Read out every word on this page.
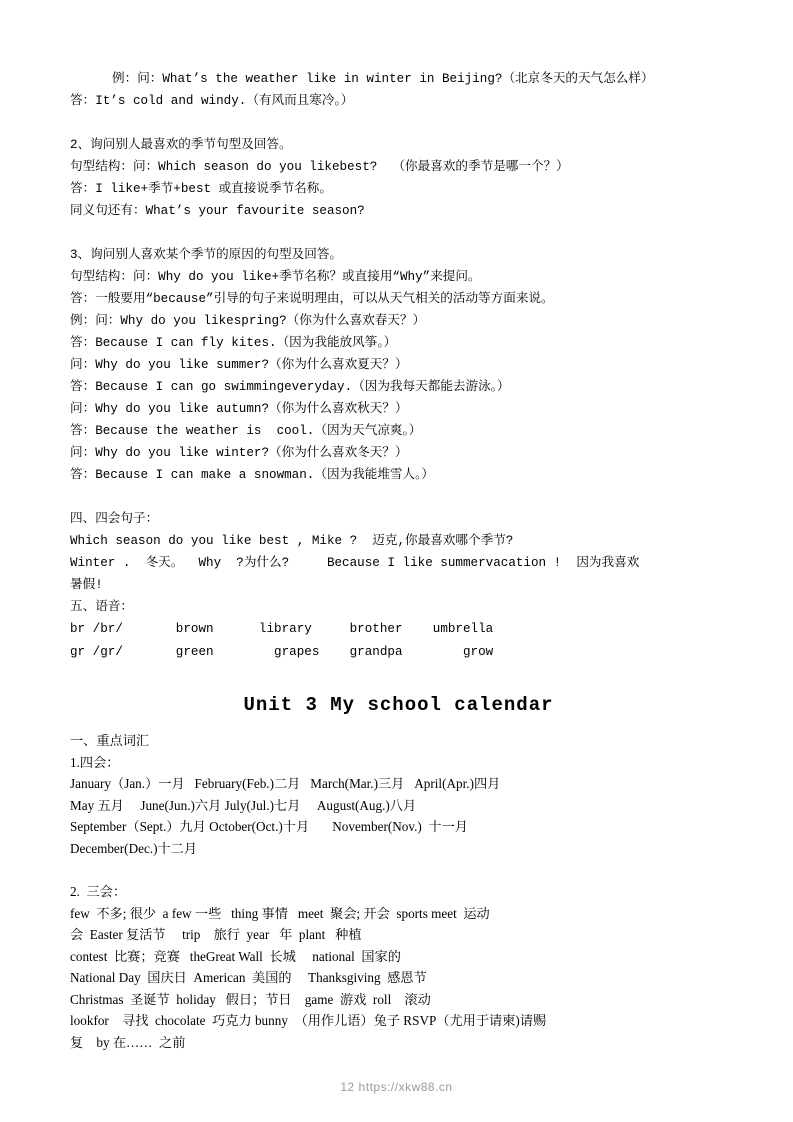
例：问：What’s the weather like in winter in Beijing?（北京冬天的天气怎么样）
答：It’s cold and windy.（有风而且寒冷。）
2、询问别人最喜欢的季节句型及回答。
句型结构：问：Which season do you likebest?  （你最喜欢的季节是哪一个？）
答：I like+季节+best 或直接说季节名称。
同义句还有：What’s your favourite season?
3、询问别人喜欢某个季节的原因的句型及回答。
句型结构：问：Why do you like+季节名称？或直接用“Why”来提问。
答：一般要用“because”引导的句子来说明理由，可以从天气相关的活动等方面来说。
例：问：Why do you likespring?（你为什么喜欢春天？）
答：Because I can fly kites.（因为我能放风筝。）
问：Why do you like summer?（你为什么喜欢夏天？）
答：Because I can go swimmingeveryday.（因为我每天都能去游泳。）
问：Why do you like autumn?（你为什么喜欢秋天？）
答：Because the weather is  cool.（因为天气凉爽。）
问：Why do you like winter?（你为什么喜欢冬天？）
答：Because I can make a snowman.（因为我能堆雪人。）
四、四会句子：
Which season do you like best , Mike ?  迈克,你最喜欢哪个季节?
Winter .  冬天。  Why  ?为什么?     Because I like summervacation !  因为我喜欢
暑假!
五、语音：
br /br/       brown      library     brother    umbrella
gr /gr/       green        grapes    grandpa        grow
Unit 3 My school calendar
一、重点词汇
1.四会：
January（Jan.）一月   February(Feb.)二月   March(Mar.)三月   April(Apr.)四月
May 五月     June(Jun.)六月 July(Jul.)七月     August(Aug.)八月
September（Sept.）九月 October(Oct.)十月       November(Nov.)  十一月
December(Dec.)十二月
2.  三会：
few  不多; 很少  a few 一些   thing 事情   meet  聚会; 开会  sports meet  运动
会  Easter 复活节     trip    旅行  year   年  plant   种植
contest  比赛；竞赛   theGreat Wall  长城     national  国家的
National Day  国庆日  American  美国的     Thanksgiving  感恩节
Christmas  圣诞节  holiday   假日；节日    game  游戏  roll    滚动
lookfor    寻找  chocolate  巧克力 bunny  （用作儿语）兔子 RSVP（尤用于请柬)请赐
复    by 在……  之前
12 https://xkw88.cn
